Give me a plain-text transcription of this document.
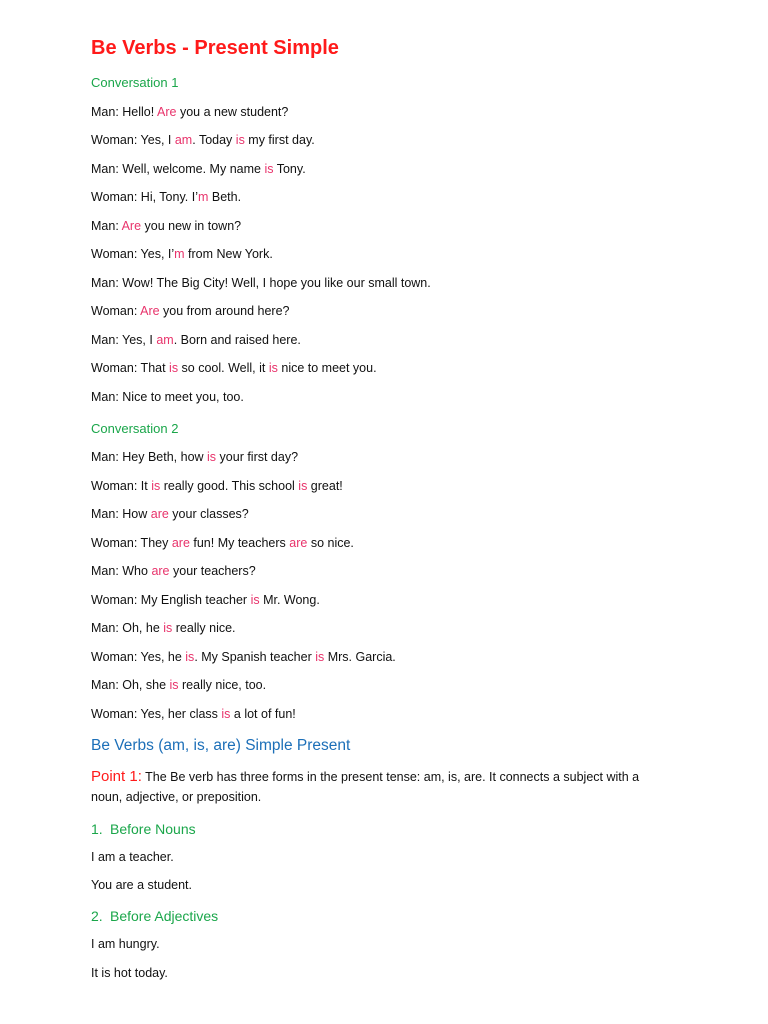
Be Verbs - Present Simple
Conversation 1
Man: Hello! Are you a new student?
Woman: Yes, I am. Today is my first day.
Man: Well, welcome. My name is Tony.
Woman: Hi, Tony. I’m Beth.
Man: Are you new in town?
Woman: Yes, I’m from New York.
Man: Wow! The Big City! Well, I hope you like our small town.
Woman: Are you from around here?
Man: Yes, I am. Born and raised here.
Woman: That is so cool. Well, it is nice to meet you.
Man: Nice to meet you, too.
Conversation 2
Man: Hey Beth, how is your first day?
Woman: It is really good. This school is great!
Man: How are your classes?
Woman: They are fun! My teachers are so nice.
Man: Who are your teachers?
Woman: My English teacher is Mr. Wong.
Man: Oh, he is really nice.
Woman: Yes, he is. My Spanish teacher is Mrs. Garcia.
Man: Oh, she is really nice, too.
Woman: Yes, her class is a lot of fun!
Be Verbs (am, is, are) Simple Present
Point 1: The Be verb has three forms in the present tense: am, is, are. It connects a subject with a noun, adjective, or preposition.
1. Before Nouns
I am a teacher.
You are a student.
2. Before Adjectives
I am hungry.
It is hot today.
